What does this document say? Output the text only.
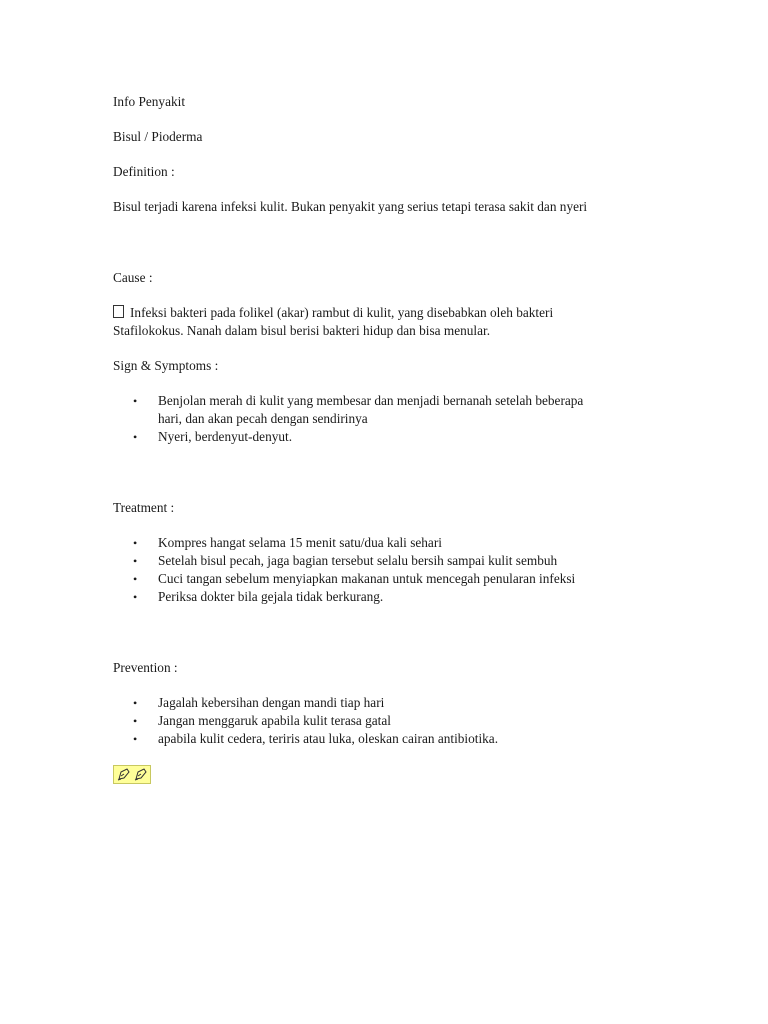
Info Penyakit

Bisul / Pioderma

Definition :

Bisul terjadi karena infeksi kulit. Bukan penyakit yang serius tetapi terasa sakit dan nyeri

Cause :

Infeksi bakteri pada folikel (akar) rambut di kulit, yang disebabkan oleh bakteri

Stafilokokus. Nanah dalam bisul berisi bakteri hidup dan bisa menular.

Sign & Symptoms :

• Benjolan merah di kulit yang membesar dan menjadi bernanah setelah beberapa
hari, dan akan pecah dengan sendirinya
• Nyeri, berdenyut-denyut.

Treatment :

• Kompres hangat selama 15 menit satu/dua kali sehari
• Setelah bisul pecah, jaga bagian tersebut selalu bersih sampai kulit sembuh
• Cuci tangan sebelum menyiapkan makanan untuk mencegah penularan infeksi
• Periksa dokter bila gejala tidak berkurang.

Prevention :

• Jagalah kebersihan dengan mandi tiap hari
• Jangan menggaruk apabila kulit terasa gatal
• apabila kulit cedera, teriris atau luka, oleskan cairan antibiotika.
